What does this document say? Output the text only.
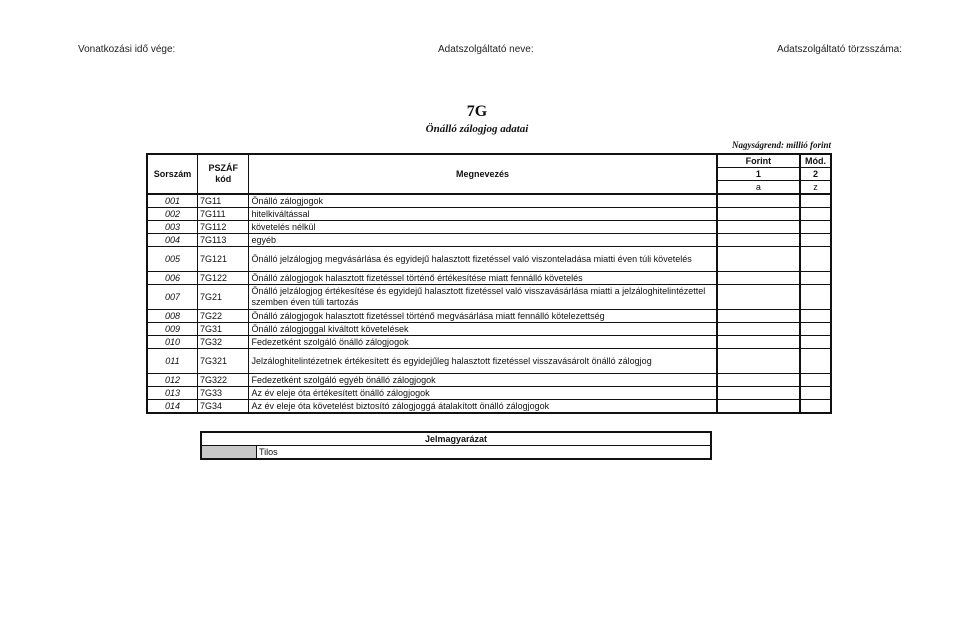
Vonatkozási idő vége:	Adatszolgáltató neve:	Adatszolgáltató törzsszáma:
7G
Önálló zálogjog adatai
Nagyságrend: millió forint
Sorszám	PSZÁF kód	Megnevezés	Forint	Mód.
			1	2
			a	z
001	7G11	Önálló zálogjogok		
002	7G111	hitelkiváltással		
003	7G112	követelés nélkül		
004	7G113	egyéb		
005	7G121	Önálló jelzálogjog megvásárlása és egyidejű halasztott fizetéssel való viszonteladása miatti éven túli követelés		
006	7G122	Önálló zálogjogok halasztott fizetéssel történő értékesítése miatt fennálló követelés		
007	7G21	Önálló jelzálogjog értékesítése és egyidejű halasztott fizetéssel való visszavásárlása miatti a jelzáloghitelintézettel szemben éven túli tartozás		
008	7G22	Önálló zálogjogok halasztott fizetéssel történő megvásárlása miatt fennálló kötelezettség		
009	7G31	Önálló zálogjoggal kiváltott követelések		
010	7G32	Fedezetként szolgáló önálló zálogjogok		
011	7G321	Jelzáloghitelintézetnek értékesített és egyidejűleg halasztott fizetéssel visszavásárolt önálló zálogjog		
012	7G322	Fedezetként szolgáló egyéb önálló zálogjogok		
013	7G33	Az év eleje óta értékesített önálló zálogjogok		
014	7G34	Az év eleje óta követelést biztosító zálogjoggá átalakított önálló zálogjogok		
Jelmagyarázat
	Tilos
